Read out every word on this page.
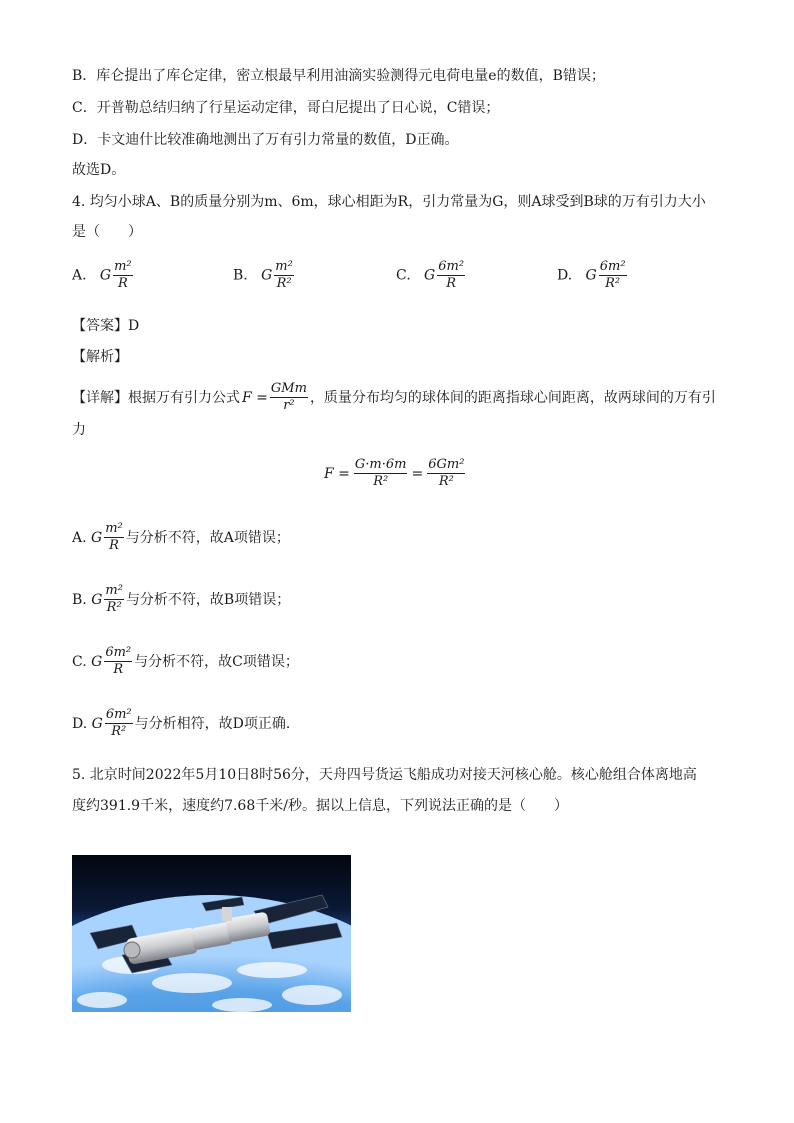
B．库仑提出了库仑定律，密立根最早利用油滴实验测得元电荷电量e的数值，B错误；
C．开普勒总结归纳了行星运动定律，哥白尼提出了日心说，C错误；
D．卡文迪什比较准确地测出了万有引力常量的数值，D正确。
故选D。
4. 均匀小球A、B的质量分别为m、6m，球心相距为R，引力常量为G，则A球受到B球的万有引力大小
是（　　）
A. G $\frac{\text{m²}}{R}$	B. G $\frac{\text{m²}}{\text{R²}}$	C. G $\frac{\text{6m²}}{R}$	D. G $\frac{\text{6m²}}{\text{R²}}$
【答案】D
【解析】
【详解】 根据万有引力公式 $F = \frac{\text{GMm}}{\text{r²}}$ ，质量分布均匀的球体间的距离指球心间距离，故两球间的万有引
力
$F = \frac{G\cdot m\cdot 6m}{\text{R²}} = \frac{\text{6Gm²}}{\text{R²}}$
A.
G $\frac{\text{m²}}{R}$ 与分析不符，故A项错误；
B.
G $\frac{\text{m²}}{\text{R²}}$ 与分析不符，故B项错误；
C.
G $\frac{\text{6m²}}{R}$ 与分析不符，故C项错误；
D.
G $\frac{\text{6m²}}{\text{R²}}$ 与分析相符，故D项正确．
5. 北京时间2022年5月10日8时56分，天舟四号货运飞船成功对接天河核心舱。核心舱组合体离地高
度约391.9千米，速度约7.68千米/秒。据以上信息，下列说法正确的是（　　）
